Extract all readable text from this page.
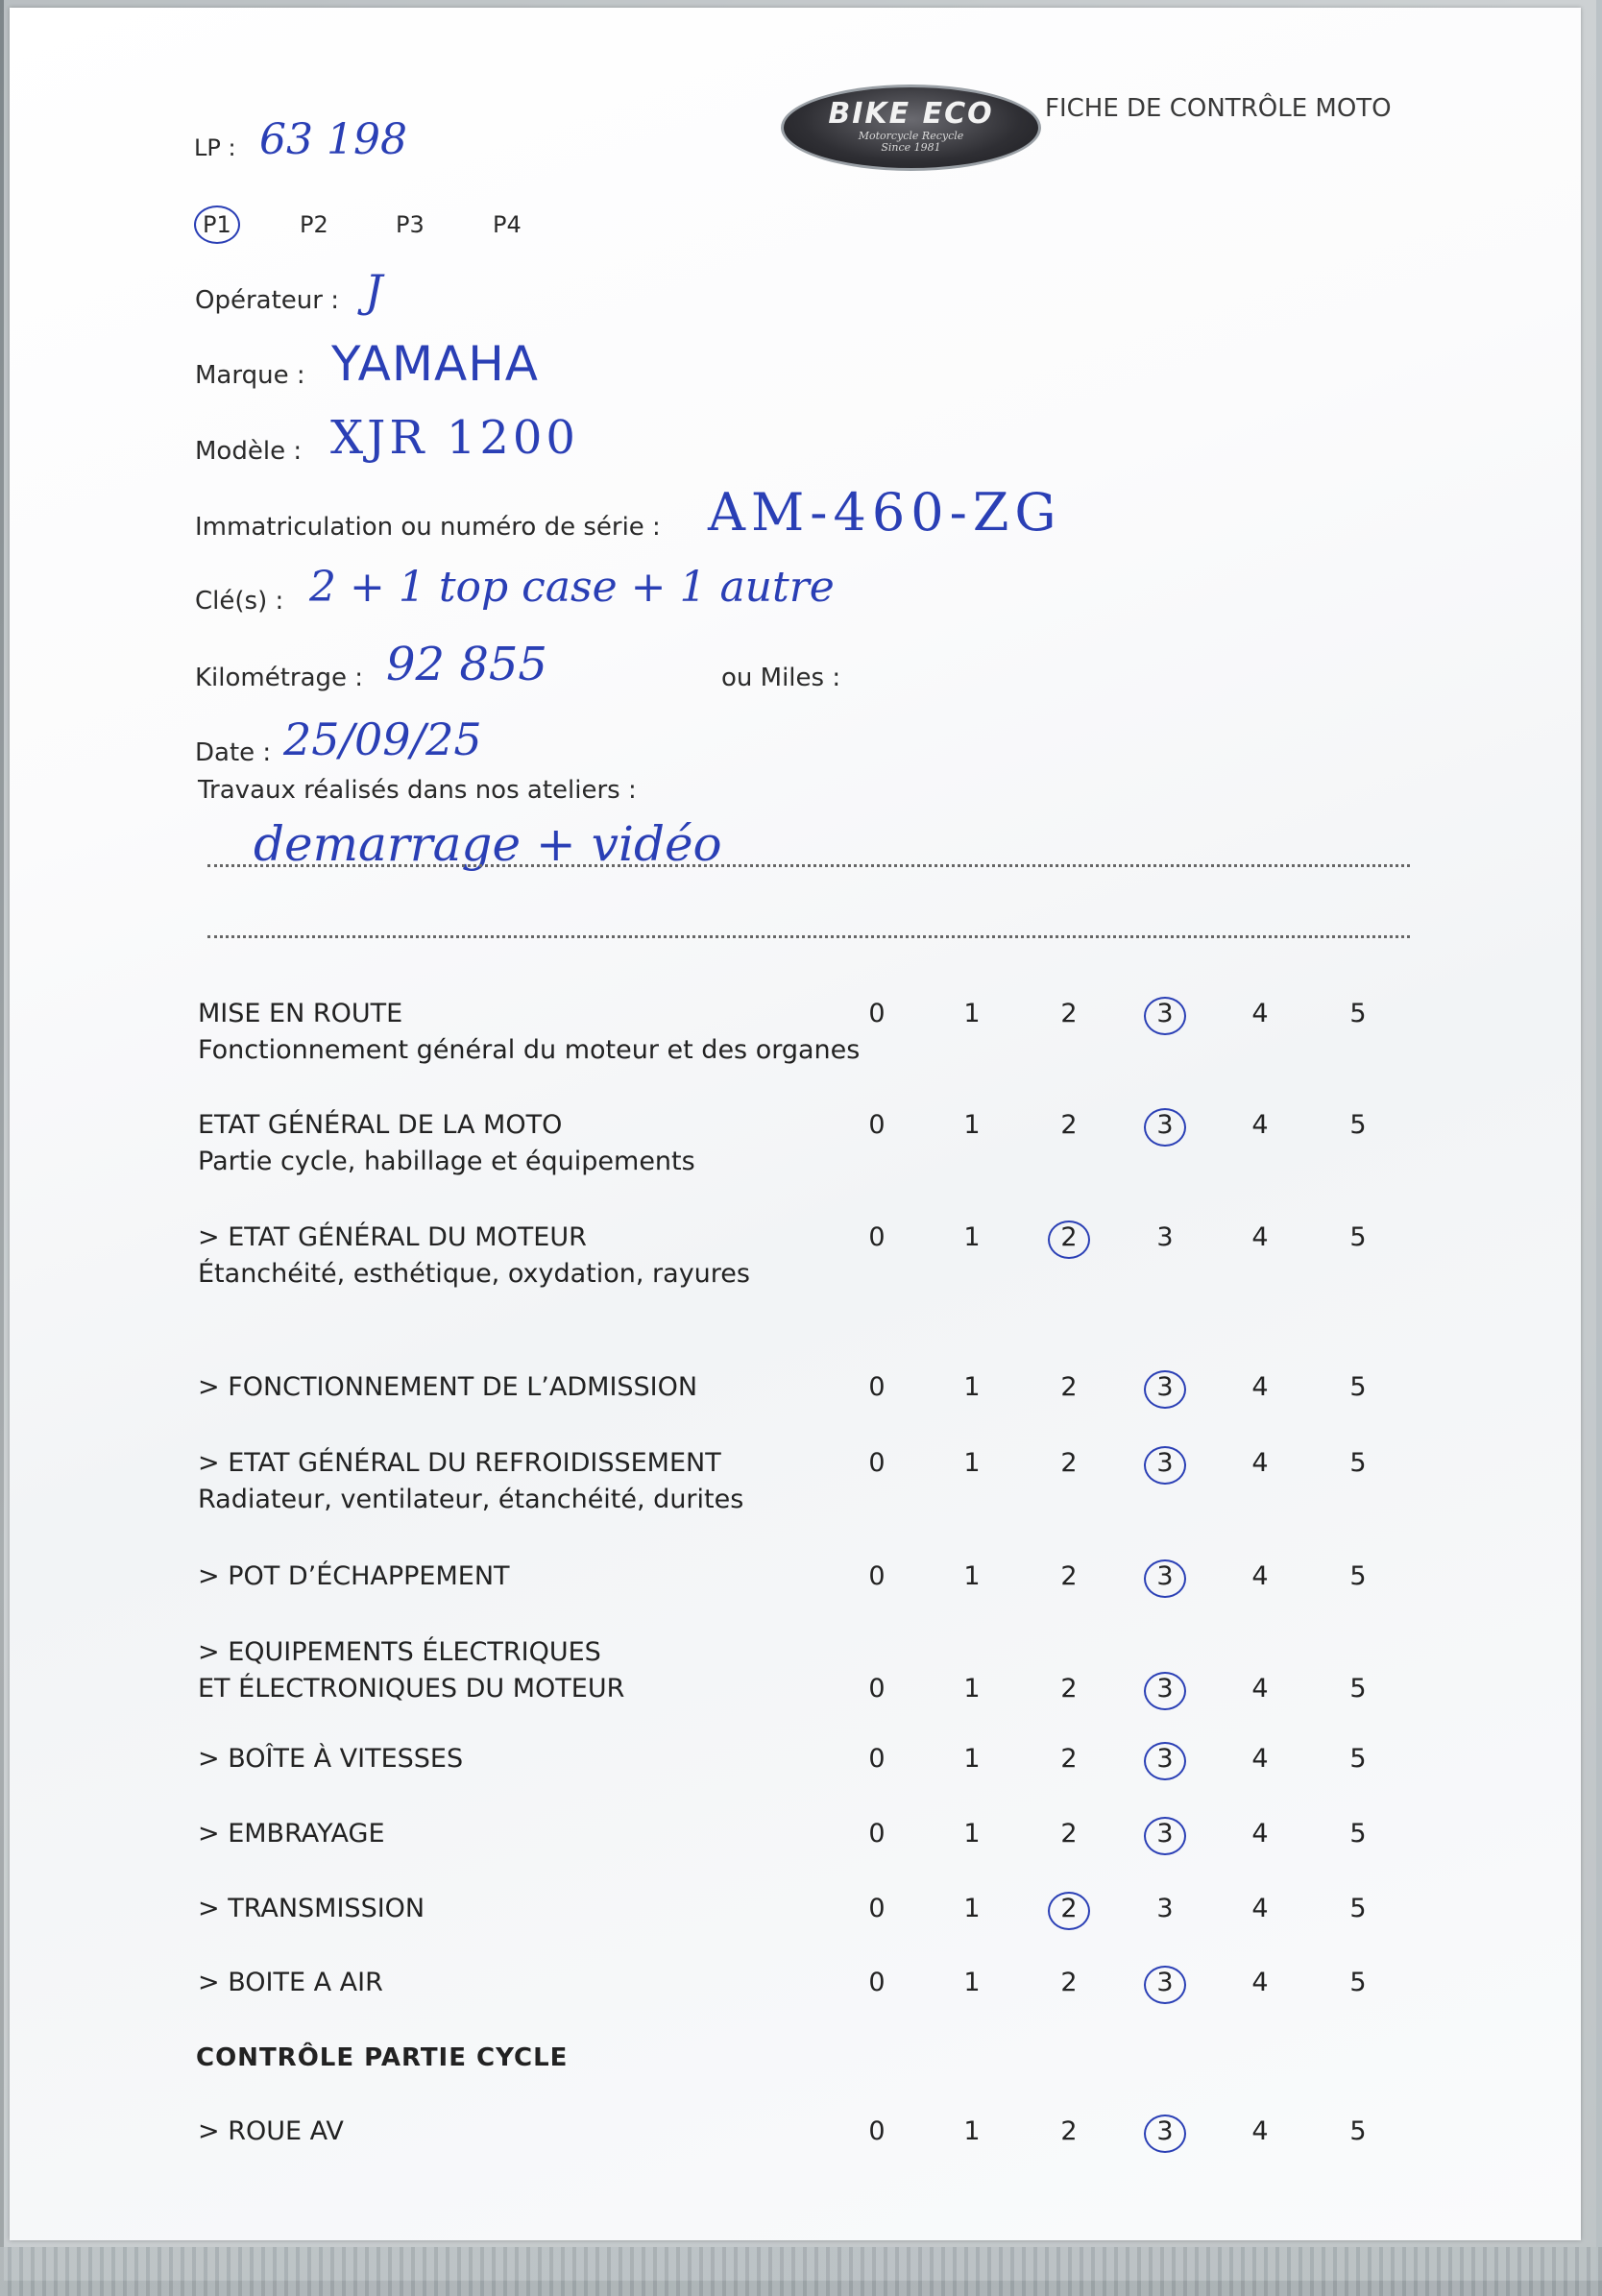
BIKE ECO
Motorcycle Recycle
Since 1981
FICHE DE CONTRÔLE MOTO
LP : 63 198
P1	P2	P3	P4
Opérateur : J
Marque : YAMAHA
Modèle : XJR 1200
Immatriculation ou numéro de série : AM-460-ZG
Clé(s) : 2 + 1 top case + 1 autre
Kilométrage : 92 855	ou Miles :
Date : 25/09/25
Travaux réalisés dans nos ateliers :
demarrage + vidéo
MISE EN ROUTE
Fonctionnement général du moteur et des organes
0	1	2	3	4	5
ETAT GÉNÉRAL DE LA MOTO
Partie cycle, habillage et équipements
0	1	2	3	4	5
> ETAT GÉNÉRAL DU MOTEUR
Étanchéité, esthétique, oxydation, rayures
0	1	2	3	4	5
> FONCTIONNEMENT DE L’ADMISSION	0	1	2	3	4	5
> ETAT GÉNÉRAL DU REFROIDISSEMENT
Radiateur, ventilateur, étanchéité, durites
0	1	2	3	4	5
> POT D’ÉCHAPPEMENT	0	1	2	3	4	5
> EQUIPEMENTS ÉLECTRIQUES
ET ÉLECTRONIQUES DU MOTEUR	0	1	2	3	4	5
> BOÎTE À VITESSES	0	1	2	3	4	5
> EMBRAYAGE	0	1	2	3	4	5
> TRANSMISSION	0	1	2	3	4	5
> BOITE A AIR	0	1	2	3	4	5
CONTRÔLE PARTIE CYCLE
> ROUE AV	0	1	2	3	4	5
